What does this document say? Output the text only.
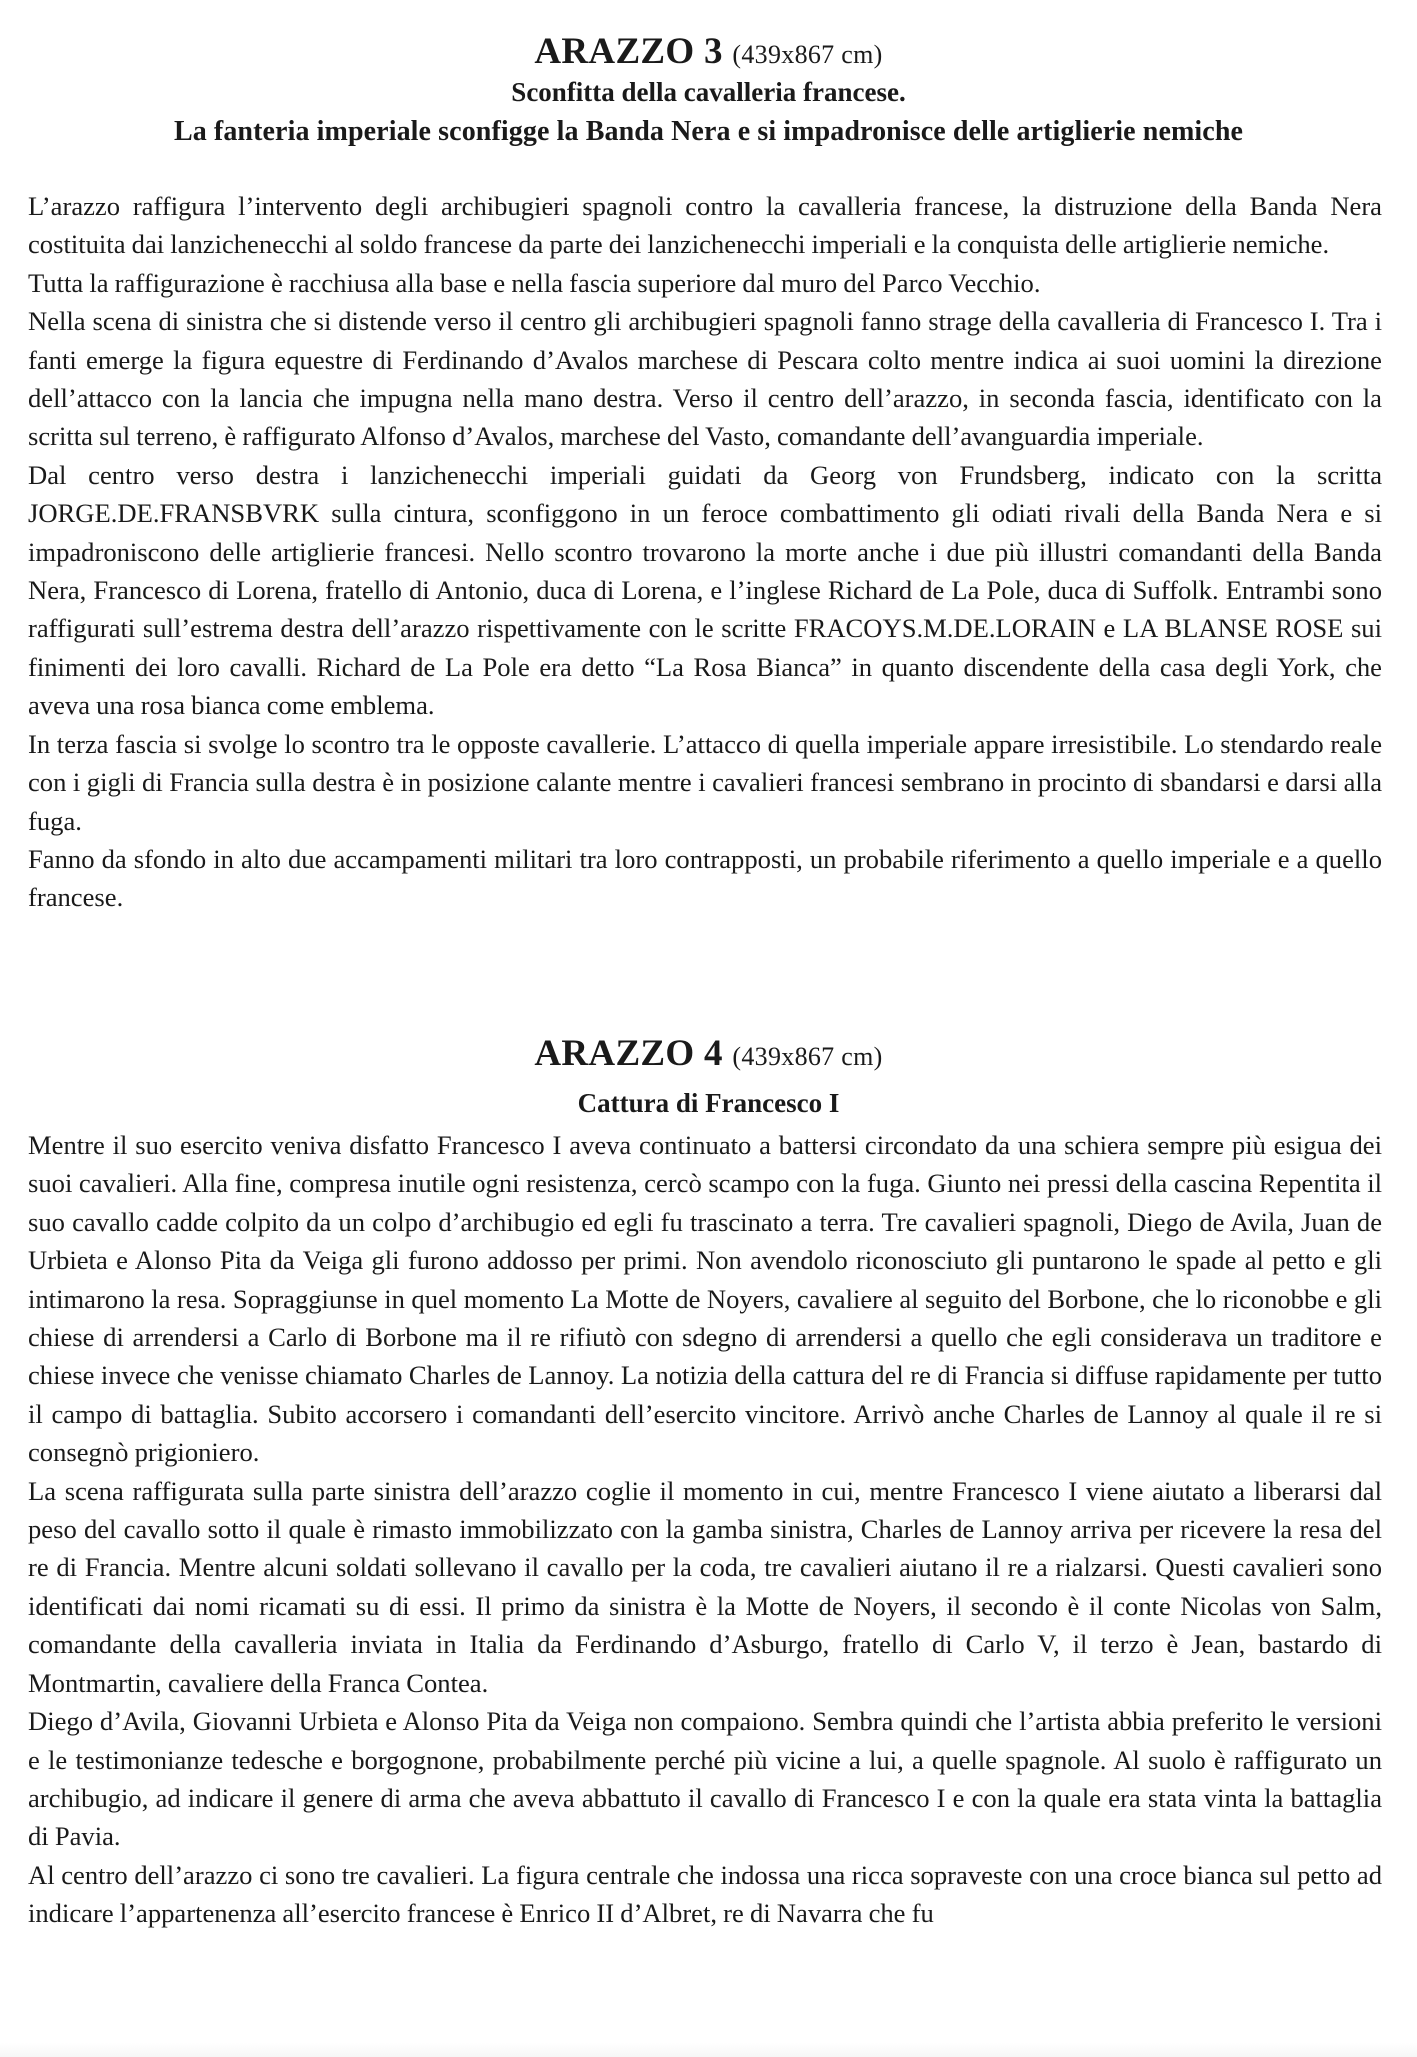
ARAZZO 3 (439x867 cm)
Sconfitta della cavalleria francese.
La fanteria imperiale sconfigge la Banda Nera e si impadronisce delle artiglierie nemiche

L’arazzo raffigura l’intervento degli archibugieri spagnoli contro la cavalleria francese, la distruzione della Banda Nera costituita dai lanzichenecchi al soldo francese da parte dei lanzichenecchi imperiali e la conquista delle artiglierie nemiche.

Tutta la raffigurazione è racchiusa alla base e nella fascia superiore dal muro del Parco Vecchio.

Nella scena di sinistra che si distende verso il centro gli archibugieri spagnoli fanno strage della cavalleria di Francesco I. Tra i fanti emerge la figura equestre di Ferdinando d’Avalos marchese di Pescara colto mentre indica ai suoi uomini la direzione dell’attacco con la lancia che impugna nella mano destra. Verso il centro dell’arazzo, in seconda fascia, identificato con la scritta sul terreno, è raffigurato Alfonso d’Avalos, marchese del Vasto, comandante dell’avanguardia imperiale.

Dal centro verso destra i lanzichenecchi imperiali guidati da Georg von Frundsberg, indicato con la scritta JORGE.DE.FRANSBVRK sulla cintura, sconfiggono in un feroce combattimento gli odiati rivali della Banda Nera e si impadroniscono delle artiglierie francesi. Nello scontro trovarono la morte anche i due più illustri comandanti della Banda Nera, Francesco di Lorena, fratello di Antonio, duca di Lorena, e l’inglese Richard de La Pole, duca di Suffolk. Entrambi sono raffigurati sull’estrema destra dell’arazzo rispettivamente con le scritte FRACOYS.M.DE.LORAIN e LA BLANSE ROSE sui finimenti dei loro cavalli. Richard de La Pole era detto “La Rosa Bianca” in quanto discendente della casa degli York, che aveva una rosa bianca come emblema.

In terza fascia si svolge lo scontro tra le opposte cavallerie. L’attacco di quella imperiale appare irresistibile. Lo stendardo reale con i gigli di Francia sulla destra è in posizione calante mentre i cavalieri francesi sembrano in procinto di sbandarsi e darsi alla fuga.

Fanno da sfondo in alto due accampamenti militari tra loro contrapposti, un probabile riferimento a quello imperiale e a quello francese.

ARAZZO 4 (439x867 cm)
Cattura di Francesco I

Mentre il suo esercito veniva disfatto Francesco I aveva continuato a battersi circondato da una schiera sempre più esigua dei suoi cavalieri. Alla fine, compresa inutile ogni resistenza, cercò scampo con la fuga. Giunto nei pressi della cascina Repentita il suo cavallo cadde colpito da un colpo d’archibugio ed egli fu trascinato a terra. Tre cavalieri spagnoli, Diego de Avila, Juan de Urbieta e Alonso Pita da Veiga gli furono addosso per primi. Non avendolo riconosciuto gli puntarono le spade al petto e gli intimarono la resa. Sopraggiunse in quel momento La Motte de Noyers, cavaliere al seguito del Borbone, che lo riconobbe e gli chiese di arrendersi a Carlo di Borbone ma il re rifiutò con sdegno di arrendersi a quello che egli considerava un traditore e chiese invece che venisse chiamato Charles de Lannoy. La notizia della cattura del re di Francia si diffuse rapidamente per tutto il campo di battaglia. Subito accorsero i comandanti dell’esercito vincitore. Arrivò anche Charles de Lannoy al quale il re si consegnò prigioniero.

La scena raffigurata sulla parte sinistra dell’arazzo coglie il momento in cui, mentre Francesco I viene aiutato a liberarsi dal peso del cavallo sotto il quale è rimasto immobilizzato con la gamba sinistra, Charles de Lannoy arriva per ricevere la resa del re di Francia. Mentre alcuni soldati sollevano il cavallo per la coda, tre cavalieri aiutano il re a rialzarsi. Questi cavalieri sono identificati dai nomi ricamati su di essi. Il primo da sinistra è la Motte de Noyers, il secondo è il conte Nicolas von Salm, comandante della cavalleria inviata in Italia da Ferdinando d’Asburgo, fratello di Carlo V, il terzo è Jean, bastardo di Montmartin, cavaliere della Franca Contea.

Diego d’Avila, Giovanni Urbieta e Alonso Pita da Veiga non compaiono. Sembra quindi che l’artista abbia preferito le versioni e le testimonianze tedesche e borgognone, probabilmente perché più vicine a lui, a quelle spagnole. Al suolo è raffigurato un archibugio, ad indicare il genere di arma che aveva abbattuto il cavallo di Francesco I e con la quale era stata vinta la battaglia di Pavia.

Al centro dell’arazzo ci sono tre cavalieri. La figura centrale che indossa una ricca sopraveste con una croce bianca sul petto ad indicare l’appartenenza all’esercito francese è Enrico II d’Albret, re di Navarra che fu
